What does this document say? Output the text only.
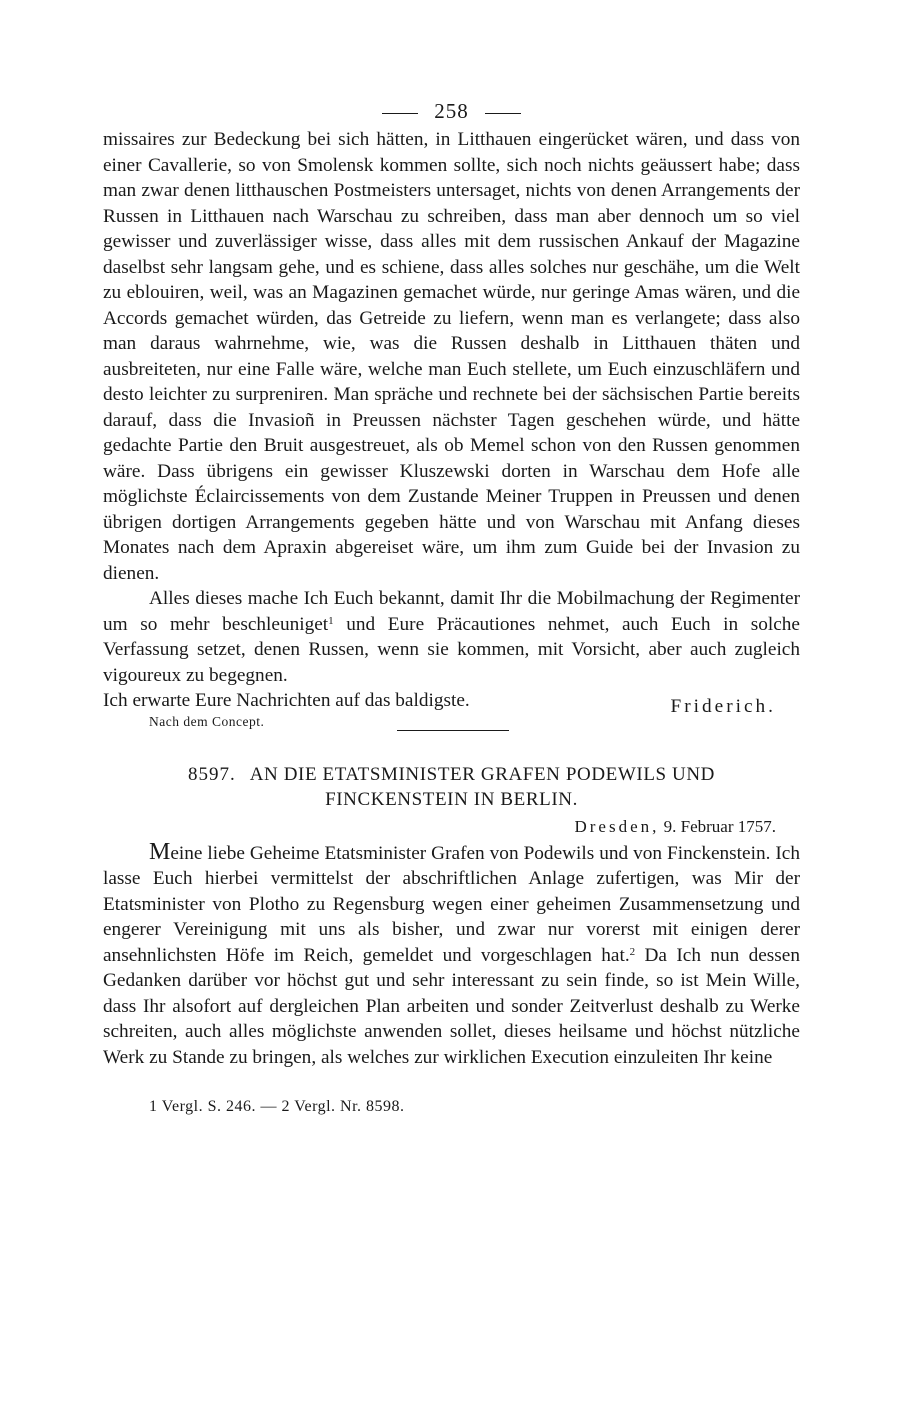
258

missaires zur Bedeckung bei sich hätten, in Litthauen eingerücket wären, und dass von einer Cavallerie, so von Smolensk kommen sollte, sich noch nichts geäussert habe; dass man zwar denen litthauschen Postmeisters untersaget, nichts von denen Arrangements der Russen in Litthauen nach Warschau zu schreiben, dass man aber dennoch um so viel gewisser und zuverlässiger wisse, dass alles mit dem russischen Ankauf der Magazine daselbst sehr langsam gehe, und es schiene, dass alles solches nur geschähe, um die Welt zu eblouiren, weil, was an Magazinen gemachet würde, nur geringe Amas wären, und die Accords gemachet würden, das Getreide zu liefern, wenn man es verlangete; dass also man daraus wahrnehme, wie, was die Russen deshalb in Litthauen thäten und ausbreiteten, nur eine Falle wäre, welche man Euch stellete, um Euch einzuschläfern und desto leichter zu surpreniren. Man spräche und rechnete bei der sächsischen Partie bereits darauf, dass die Invasioñ in Preussen nächster Tagen geschehen würde, und hätte gedachte Partie den Bruit ausgestreuet, als ob Memel schon von den Russen genommen wäre. Dass übrigens ein gewisser Kluszewski dorten in Warschau dem Hofe alle möglichste Éclaircissements von dem Zustande Meiner Truppen in Preussen und denen übrigen dortigen Arrangements gegeben hätte und von Warschau mit Anfang dieses Monates nach dem Apraxin abgereiset wäre, um ihm zum Guide bei der Invasion zu dienen.

Alles dieses mache Ich Euch bekannt, damit Ihr die Mobilmachung der Regimenter um so mehr beschleuniget$^1$ und Eure Präcautiones nehmet, auch Euch in solche Verfassung setzet, denen Russen, wenn sie kommen, mit Vorsicht, aber auch zugleich vigoureux zu begegnen.

Ich erwarte Eure Nachrichten auf das baldigste.	Friderich.
Nach dem Concept.
8597. AN DIE ETATSMINISTER GRAFEN PODEWILS UND
FINCKENSTEIN IN BERLIN.
Dresden, 9. Februar 1757.

Meine liebe Geheime Etatsminister Grafen von Podewils und von Finckenstein. Ich lasse Euch hierbei vermittelst der abschriftlichen Anlage zufertigen, was Mir der Etatsminister von Plotho zu Regensburg wegen einer geheimen Zusammensetzung und engerer Vereinigung mit uns als bisher, und zwar nur vorerst mit einigen derer ansehnlichsten Höfe im Reich, gemeldet und vorgeschlagen hat.$^2$ Da Ich nun dessen Gedanken darüber vor höchst gut und sehr interessant zu sein finde, so ist Mein Wille, dass Ihr alsofort auf dergleichen Plan arbeiten und sonder Zeitverlust deshalb zu Werke schreiten, auch alles möglichste anwenden sollet, dieses heilsame und höchst nützliche Werk zu Stande zu bringen, als welches zur wirklichen Execution einzuleiten Ihr keine

1 Vergl. S. 246. — 2 Vergl. Nr. 8598.
